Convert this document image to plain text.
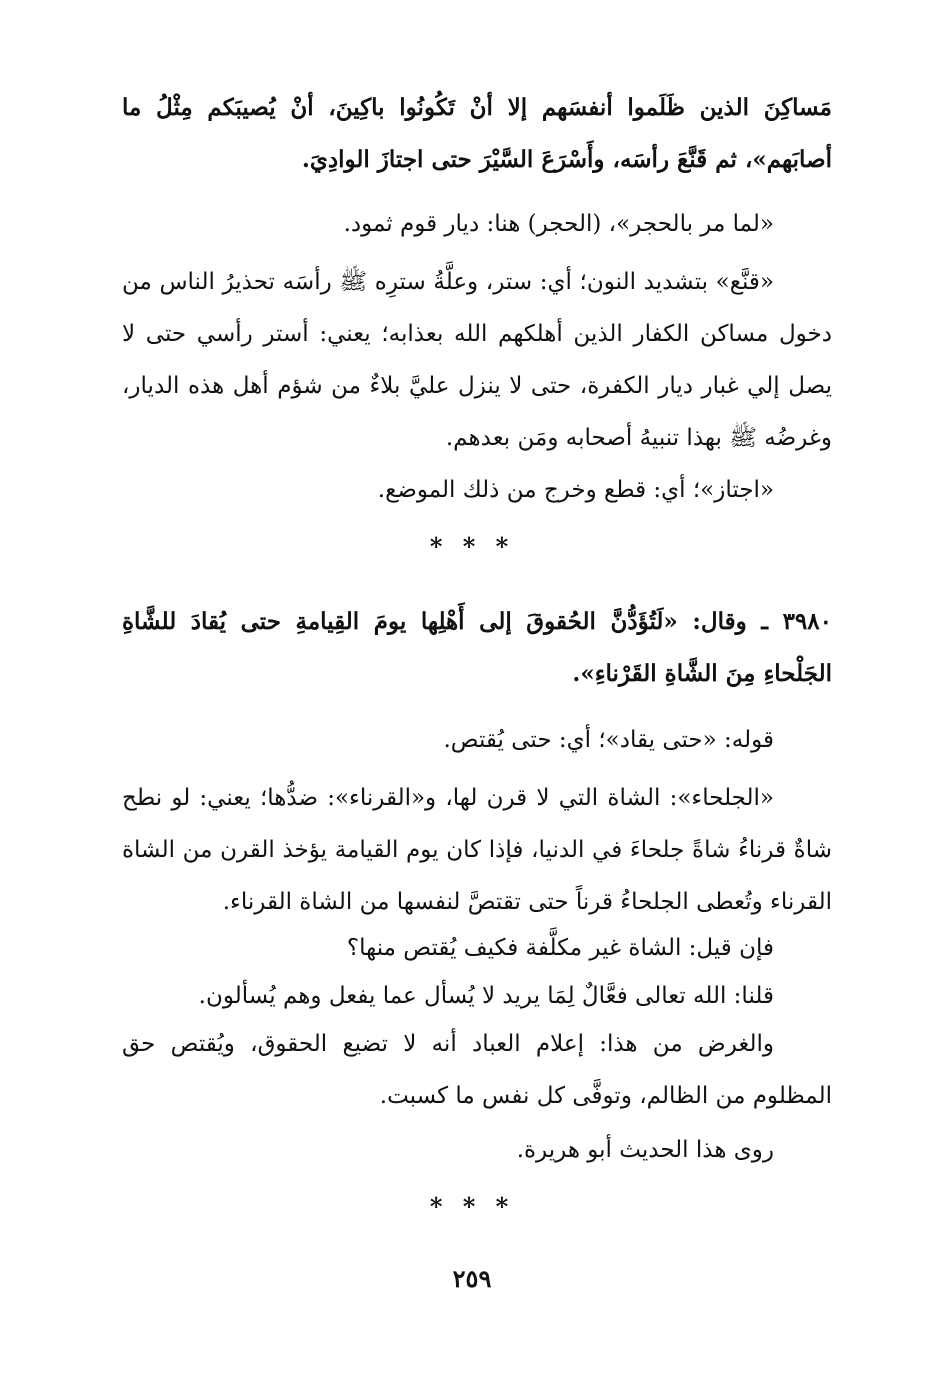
مَساكِنَ الذين ظَلَموا أنفسَهم إلا أنْ تَكُونُوا باكِينَ، أنْ يُصيبَكم مِثْلُ ما أصابَهم»، ثم قَنَّعَ رأسَه، وأَسْرَعَ السَّيْرَ حتى اجتازَ الوادِيَ.

«لما مر بالحجر»، (الحجر) هنا: ديار قوم ثمود.

«قنَّع» بتشديد النون؛ أي: ستر، وعلَّةُ سترِه ﷺ رأسَه تحذيرُ الناس من دخول مساكن الكفار الذين أهلكهم الله بعذابه؛ يعني: أستر رأسي حتى لا يصل إلي غبار ديار الكفرة، حتى لا ينزل عليَّ بلاءٌ من شؤم أهل هذه الديار، وغرضُه ﷺ بهذا تنبيهُ أصحابه ومَن بعدهم.

«اجتاز»؛ أي: قطع وخرج من ذلك الموضع.

* * *

٣٩٨٠ ـ وقال: «لَتُؤَدُّنَّ الحُقوقَ إلى أَهْلِها يومَ القِيامةِ حتى يُقادَ للشَّاةِ الجَلْحاءِ مِنَ الشَّاةِ القَرْناءِ».

قوله: «حتى يقاد»؛ أي: حتى يُقتص.

«الجلحاء»: الشاة التي لا قرن لها، و«القرناء»: ضدُّها؛ يعني: لو نطح شاةٌ قرناءُ شاةً جلحاءَ في الدنيا، فإذا كان يوم القيامة يؤخذ القرن من الشاة القرناء وتُعطى الجلحاءُ قرناً حتى تقتصَّ لنفسها من الشاة القرناء.

فإن قيل: الشاة غير مكلَّفة فكيف يُقتص منها؟

قلنا: الله تعالى فعَّالٌ لِمَا يريد لا يُسأل عما يفعل وهم يُسألون.

والغرض من هذا: إعلام العباد أنه لا تضيع الحقوق، ويُقتص حق المظلوم من الظالم، وتوفَّى كل نفس ما كسبت.

روى هذا الحديث أبو هريرة.

* * *
٢٥٩
